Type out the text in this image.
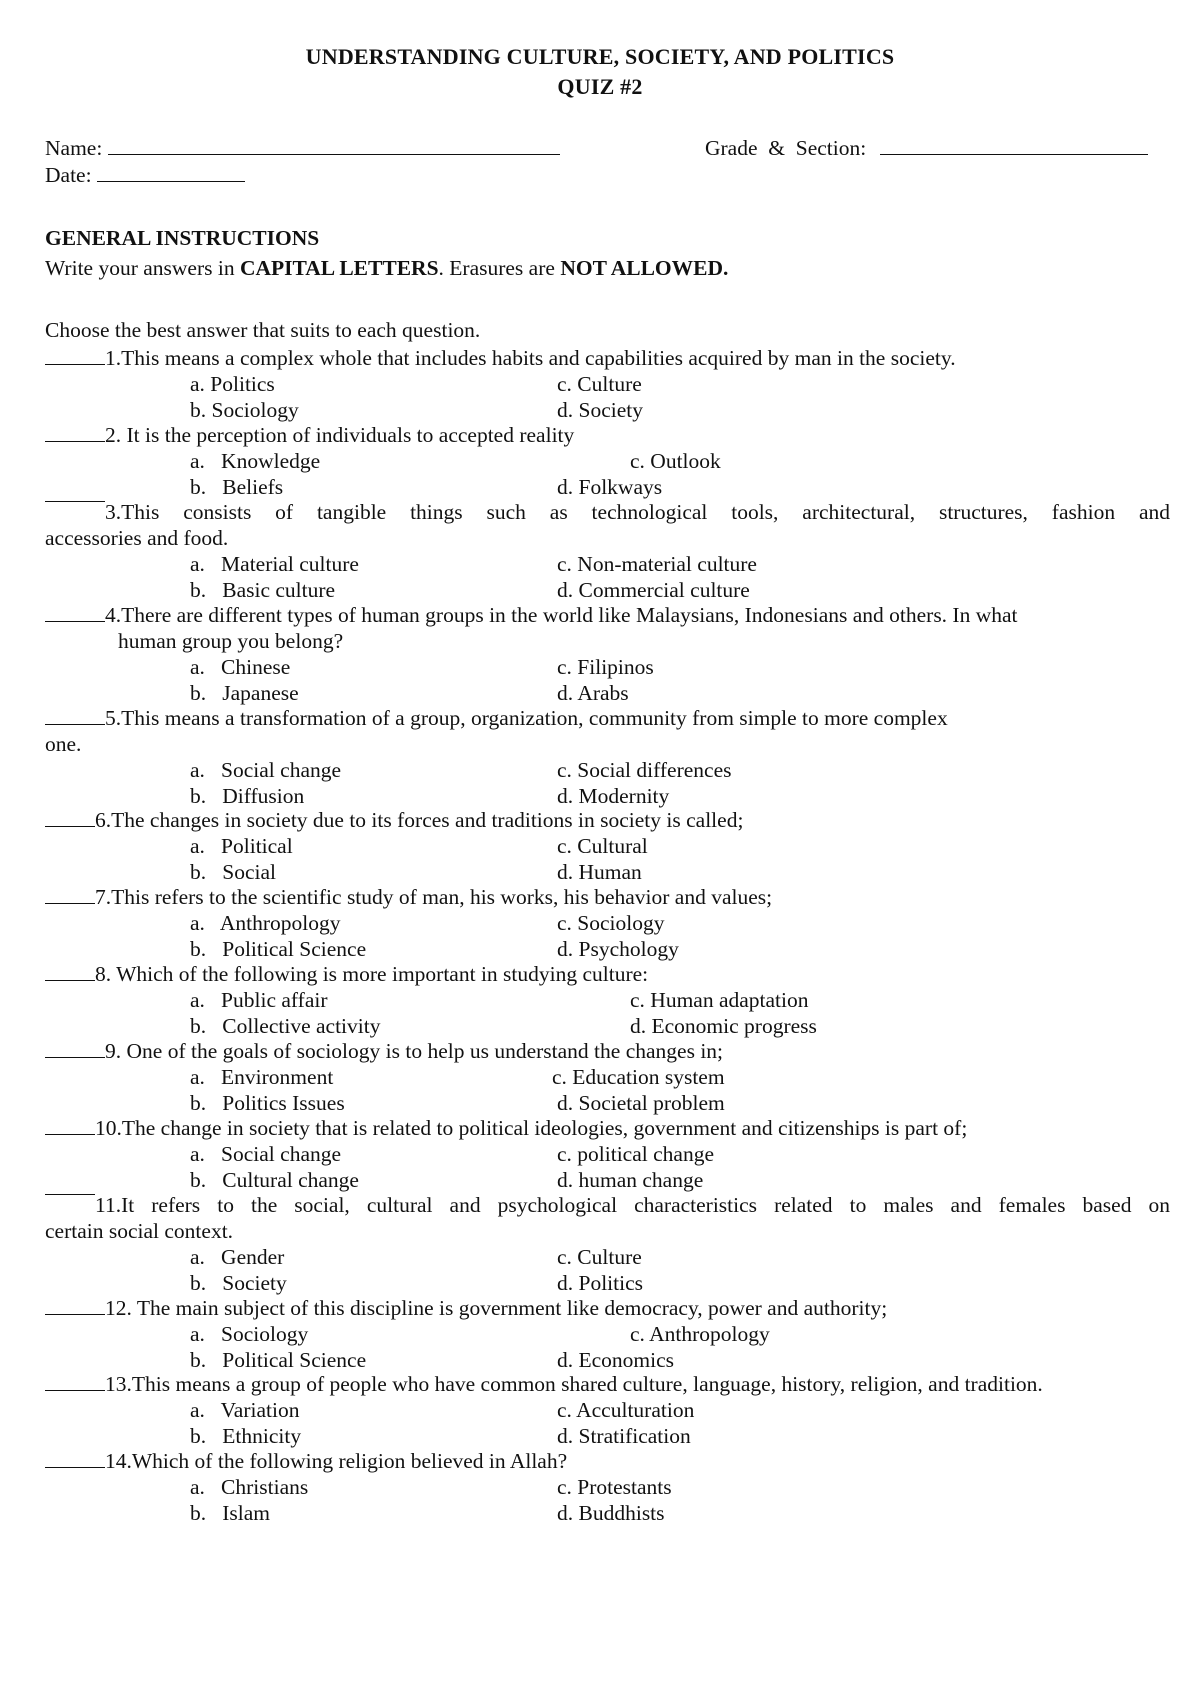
UNDERSTANDING CULTURE, SOCIETY, AND POLITICS
QUIZ #2
Name:	Grade  &  Section:
Date:
GENERAL INSTRUCTIONS
Write your answers in CAPITAL LETTERS. Erasures are NOT ALLOWED.
Choose the best answer that suits to each question.
1.This means a complex whole that includes habits and capabilities acquired by man in the society.
a. Politics	c. Culture
b. Sociology	d. Society
2. It is the perception of individuals to accepted reality
a.   Knowledge	c. Outlook
b.   Beliefs	d. Folkways
3.This consists of tangible things such as technological tools, architectural, structures, fashion and
accessories and food.
a.   Material culture	c. Non-material culture
b.   Basic culture	d. Commercial culture
4.There are different types of human groups in the world like Malaysians, Indonesians and others. In what
human group you belong?
a.   Chinese	c. Filipinos
b.   Japanese	d. Arabs
5.This means a transformation of a group, organization, community from simple to more complex
one.
a.   Social change	c. Social differences
b.   Diffusion	d. Modernity
6.The changes in society due to its forces and traditions in society is called;
a.   Political	c. Cultural
b.   Social	d. Human
7.This refers to the scientific study of man, his works, his behavior and values;
a.   Anthropology	c. Sociology
b.   Political Science	d. Psychology
8. Which of the following is more important in studying culture:
a.   Public affair	c. Human adaptation
b.   Collective activity	d. Economic progress
9. One of the goals of sociology is to help us understand the changes in;
a.   Environment	c. Education system
b.   Politics Issues	d. Societal problem
10.The change in society that is related to political ideologies, government and citizenships is part of;
a.   Social change	c. political change
b.   Cultural change	d. human change
11.It refers to the social, cultural and psychological characteristics related to males and females based on
certain social context.
a.   Gender	c. Culture
b.   Society	d. Politics
12. The main subject of this discipline is government like democracy, power and authority;
a.   Sociology	c. Anthropology
b.   Political Science	d. Economics
13.This means a group of people who have common shared culture, language, history, religion, and tradition.
a.   Variation	c. Acculturation
b.   Ethnicity	d. Stratification
14.Which of the following religion believed in Allah?
a.   Christians	c. Protestants
b.   Islam	d. Buddhists
